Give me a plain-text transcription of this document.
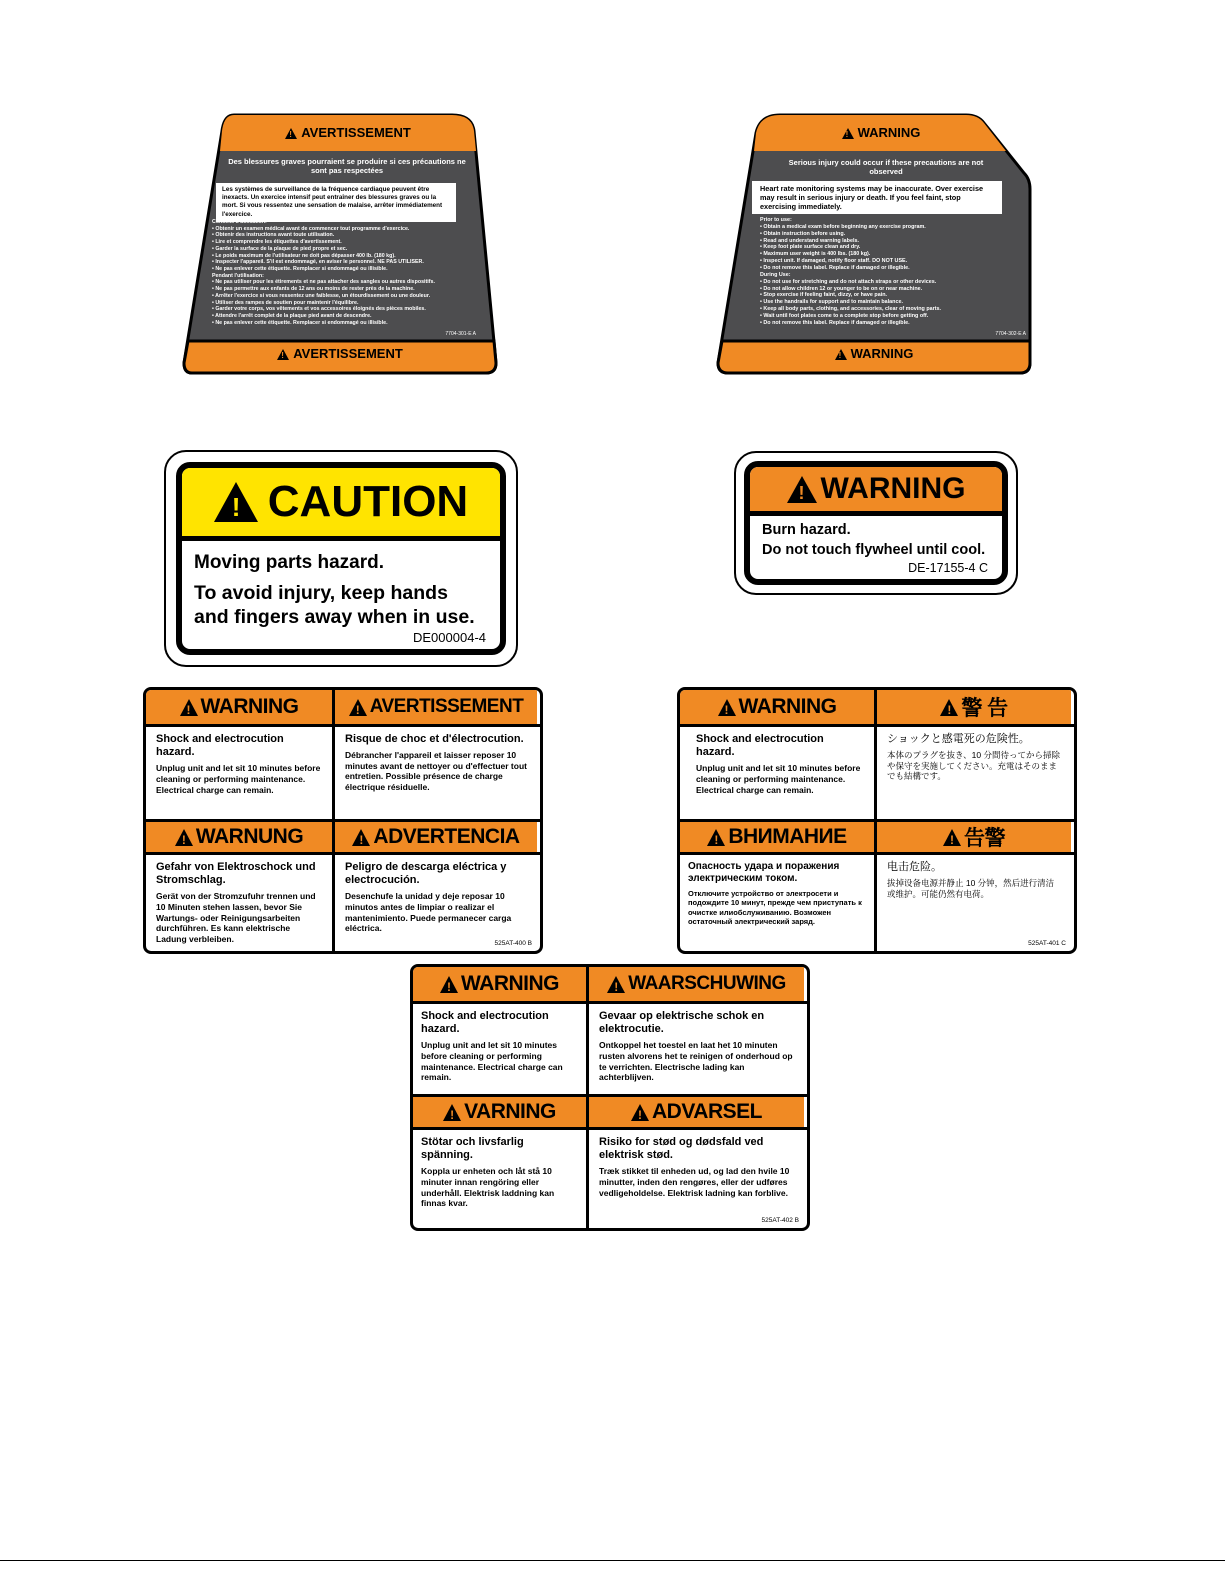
!AVERTISSEMENT
Des blessures graves pourraient se produire si ces précautions ne sont pas respectées
Les systèmes de surveillance de la fréquence cardiaque peuvent être inexacts. Un exercice intensif peut entraîner des blessures graves ou la mort. Si vous ressentez une sensation de malaise, arrêter immédiatement l'exercice.
Conseils d'utilisation:
• Obtenir un examen médical avant de commencer tout programme d'exercice.
• Obtenir des instructions avant toute utilisation.
• Lire et comprendre les étiquettes d'avertissement.
• Garder la surface de la plaque de pied propre et sec.
• Le poids maximum de l'utilisateur ne doit pas dépasser 400 lb. (180 kg).
• Inspecter l'appareil. S'il est endommagé, en aviser le personnel. NE PAS UTILISER.
• Ne pas enlever cette étiquette. Remplacer si endommagé ou illisible.
Pendant l'utilisation:
• Ne pas utiliser pour les étirements et ne pas attacher des sangles ou autres dispositifs.
• Ne pas permettre aux enfants de 12 ans ou moins de rester près de la machine.
• Arrêter l'exercice si vous ressentez une faiblesse, un étourdissement ou une douleur.
• Utiliser des rampes de soutien pour maintenir l'équilibre.
• Garder votre corps, vos vêtements et vos accessoires éloignés des pièces mobiles.
• Attendre l'arrêt complet de la plaque pied avant de descendre.
• Ne pas enlever cette étiquette. Remplacer si endommagé ou illisible.
7704-301-E A
!AVERTISSEMENT
!WARNING
Serious injury could occur if these precautions are not observed
Heart rate monitoring systems may be inaccurate. Over exercise may result in serious injury or death. If you feel faint, stop exercising immediately.
Prior to use:
• Obtain a medical exam before beginning any exercise program.
• Obtain instruction before using.
• Read and understand warning labels.
• Keep foot plate surface clean and dry.
• Maximum user weight is 400 lbs. (180 kg).
• Inspect unit. If damaged, notify floor staff. DO NOT USE.
• Do not remove this label. Replace if damaged or illegible.
During Use:
• Do not use for stretching and do not attach straps or other devices.
• Do not allow children 12 or younger to be on or near machine.
• Stop exercise if feeling faint, dizzy, or have pain.
• Use the handrails for support and to maintain balance.
• Keep all body parts, clothing, and accessories, clear of moving parts.
• Wait until foot plates come to a complete stop before getting off.
• Do not remove this label. Replace if damaged or illegible.
7704-302-E A
!WARNING
!
CAUTION
Moving parts hazard.
To avoid injury, keep hands
and fingers away when in use.
DE000004-4
!
WARNING
Burn hazard.
Do not touch flywheel until cool.
DE-17155-4 C
!
WARNING !	AVERTISSEMENT
Shock and electrocution hazard.
Unplug unit and let sit 10 minutes before cleaning or performing maintenance. Electrical charge can remain.
Risque de choc et d'électrocution.
Débrancher l'appareil et laisser reposer 10 minutes avant de nettoyer ou d'effectuer tout entretien. Possible présence de charge électrique résiduelle.
!
WARNUNG !	ADVERTENCIA
Gefahr von Elektroschock und Stromschlag.
Gerät von der Stromzufuhr trennen und 10 Minuten stehen lassen, bevor Sie Wartungs- oder Reinigungsarbeiten durchführen. Es kann elektrische Ladung verbleiben.
Peligro de descarga eléctrica y electrocución.
Desenchufe la unidad y deje reposar 10 minutos antes de limpiar o realizar el mantenimiento. Puede permanecer carga eléctrica.
525AT-400 B
!
WARNING !	警 告
Shock and electrocution hazard.
Unplug unit and let sit 10 minutes before cleaning or performing maintenance. Electrical charge can remain.
ショックと感電死の危険性。
本体のプラグを抜き、10 分間待ってから掃除や保守を実施してください。充電はそのままでも結構です。
!
ВНИМАНИЕ !	告警
Опасность удара и поражения электрическим током.
Отключите устройство от электросети и подождите 10 минут, прежде чем приступать к очистке илиобслуживанию. Возможен остаточный электрический заряд.
电击危险。
拔掉设备电源并静止 10 分钟，然后进行清洁或维护。可能仍然有电荷。
525AT-401 C
!
WARNING !	WAARSCHUWING
Shock and electrocution hazard.
Unplug unit and let sit 10 minutes before cleaning or performing maintenance. Electrical charge can remain.
Gevaar op elektrische schok en elektrocutie.
Ontkoppel het toestel en laat het 10 minuten rusten alvorens het te reinigen of onderhoud op te verrichten. Electrische lading kan achterblijven.
!
VARNING !	ADVARSEL
Stötar och livsfarlig spänning.
Koppla ur enheten och låt stå 10 minuter innan rengöring eller underhåll. Elektrisk laddning kan finnas kvar.
Risiko for stød og dødsfald ved elektrisk stød.
Træk stikket til enheden ud, og lad den hvile 10 minutter, inden den rengøres, eller der udføres vedligeholdelse. Elektrisk ladning kan forblive.
525AT-402 B
